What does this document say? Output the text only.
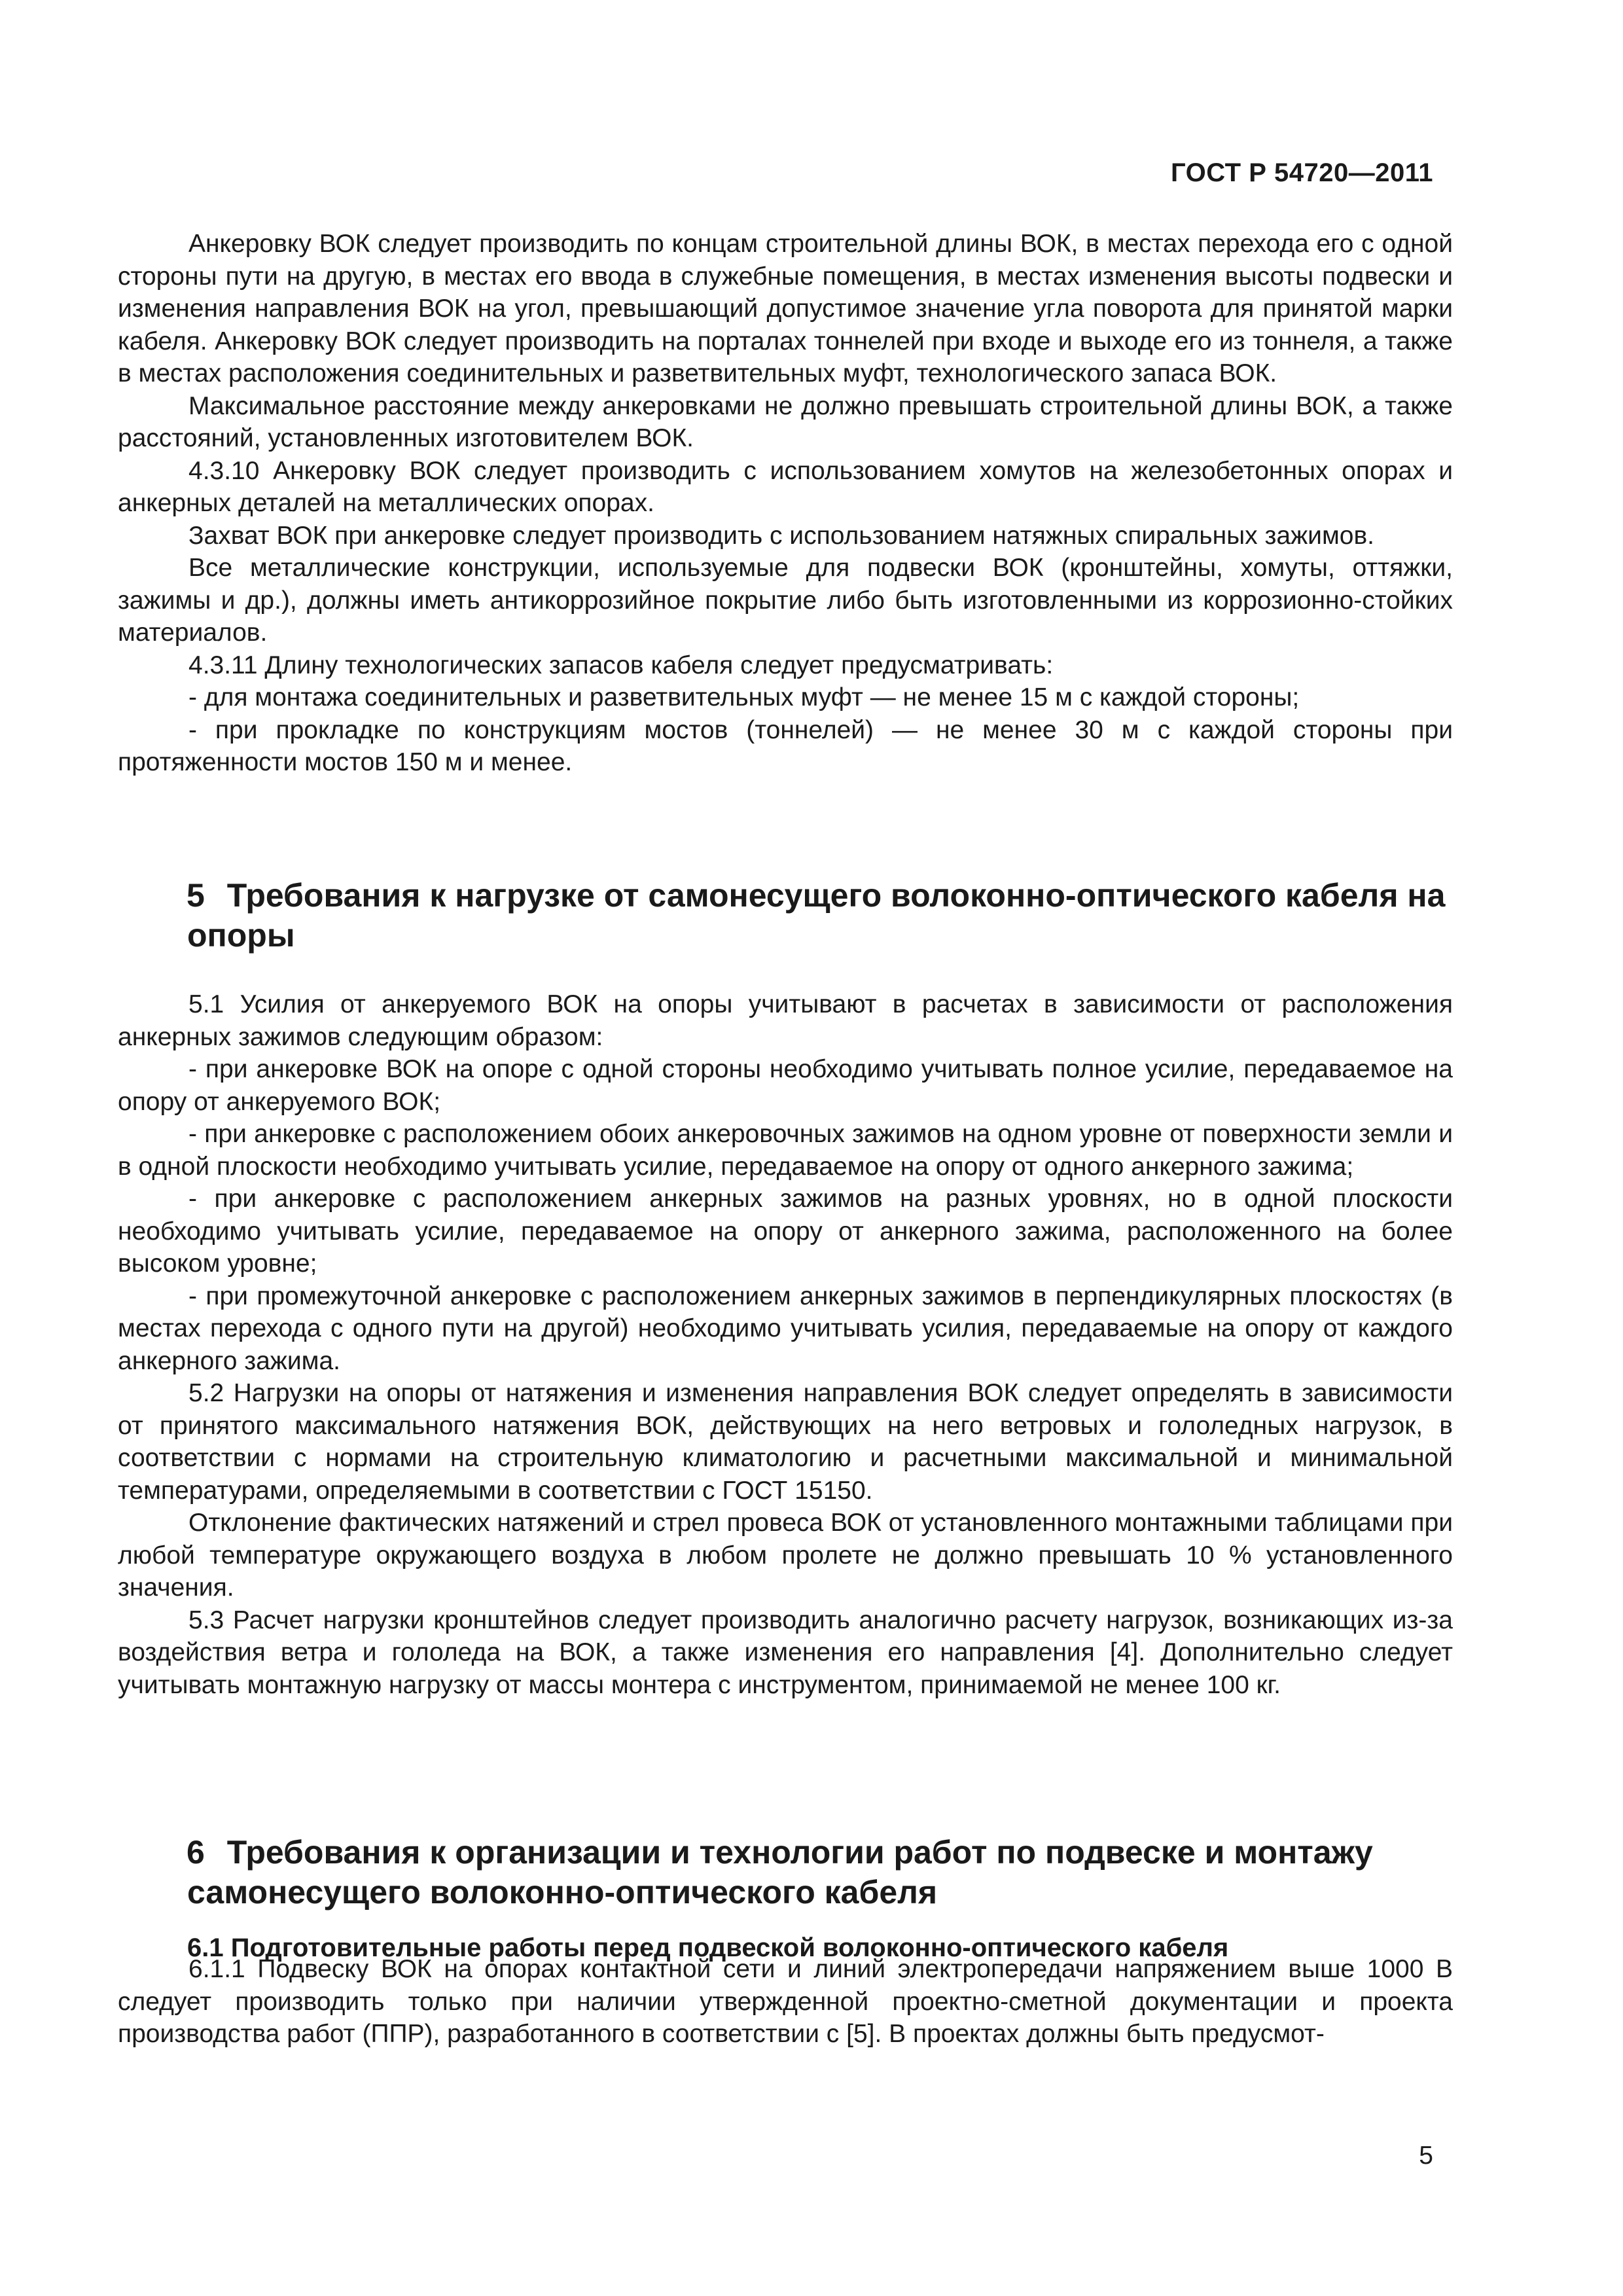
ГОСТ Р 54720—2011

Анкеровку ВОК следует производить по концам строительной длины ВОК, в местах перехода его с одной стороны пути на другую, в местах его ввода в служебные помещения, в местах изменения высоты подвески и изменения направления ВОК на угол, превышающий допустимое значение угла поворота для принятой марки кабеля. Анкеровку ВОК следует производить на порталах тоннелей при входе и выходе его из тоннеля, а также в местах расположения соединительных и разветвительных муфт, технологического запаса ВОК.

Максимальное расстояние между анкеровками не должно превышать строительной длины ВОК, а также расстояний, установленных изготовителем ВОК.

4.3.10 Анкеровку ВОК следует производить с использованием хомутов на железобетонных опорах и анкерных деталей на металлических опорах.

Захват ВОК при анкеровке следует производить с использованием натяжных спиральных зажимов.

Все металлические конструкции, используемые для подвески ВОК (кронштейны, хомуты, оттяжки, зажимы и др.), должны иметь антикоррозийное покрытие либо быть изготовленными из коррозионно-стойких материалов.

4.3.11 Длину технологических запасов кабеля следует предусматривать:

- для монтажа соединительных и разветвительных муфт — не менее 15 м с каждой стороны;

- при прокладке по конструкциям мостов (тоннелей) — не менее 30 м с каждой стороны при протяженности мостов 150 м и менее.

5 Требования к нагрузке от самонесущего волоконно-оптического кабеля на опоры

5.1 Усилия от анкеруемого ВОК на опоры учитывают в расчетах в зависимости от расположения анкерных зажимов следующим образом:

- при анкеровке ВОК на опоре с одной стороны необходимо учитывать полное усилие, передаваемое на опору от анкеруемого ВОК;

- при анкеровке с расположением обоих анкеровочных зажимов на одном уровне от поверхности земли и в одной плоскости необходимо учитывать усилие, передаваемое на опору от одного анкерного зажима;

- при анкеровке с расположением анкерных зажимов на разных уровнях, но в одной плоскости необходимо учитывать усилие, передаваемое на опору от анкерного зажима, расположенного на более высоком уровне;

- при промежуточной анкеровке с расположением анкерных зажимов в перпендикулярных плоскостях (в местах перехода с одного пути на другой) необходимо учитывать усилия, передаваемые на опору от каждого анкерного зажима.

5.2 Нагрузки на опоры от натяжения и изменения направления ВОК следует определять в зависимости от принятого максимального натяжения ВОК, действующих на него ветровых и гололедных нагрузок, в соответствии с нормами на строительную климатологию и расчетными максимальной и минимальной температурами, определяемыми в соответствии с ГОСТ 15150.

Отклонение фактических натяжений и стрел провеса ВОК от установленного монтажными таблицами при любой температуре окружающего воздуха в любом пролете не должно превышать 10 % установленного значения.

5.3 Расчет нагрузки кронштейнов следует производить аналогично расчету нагрузок, возникающих из-за воздействия ветра и гололеда на ВОК, а также изменения его направления [4]. Дополнительно следует учитывать монтажную нагрузку от массы монтера с инструментом, принимаемой не менее 100 кг.

6 Требования к организации и технологии работ по подвеске и монтажу самонесущего волоконно-оптического кабеля
6.1 Подготовительные работы перед подвеской волоконно-оптического кабеля

6.1.1 Подвеску ВОК на опорах контактной сети и линий электропередачи напряжением выше 1000 В следует производить только при наличии утвержденной проектно-сметной документации и проекта производства работ (ППР), разработанного в соответствии с [5]. В проектах должны быть предусмот-

5
